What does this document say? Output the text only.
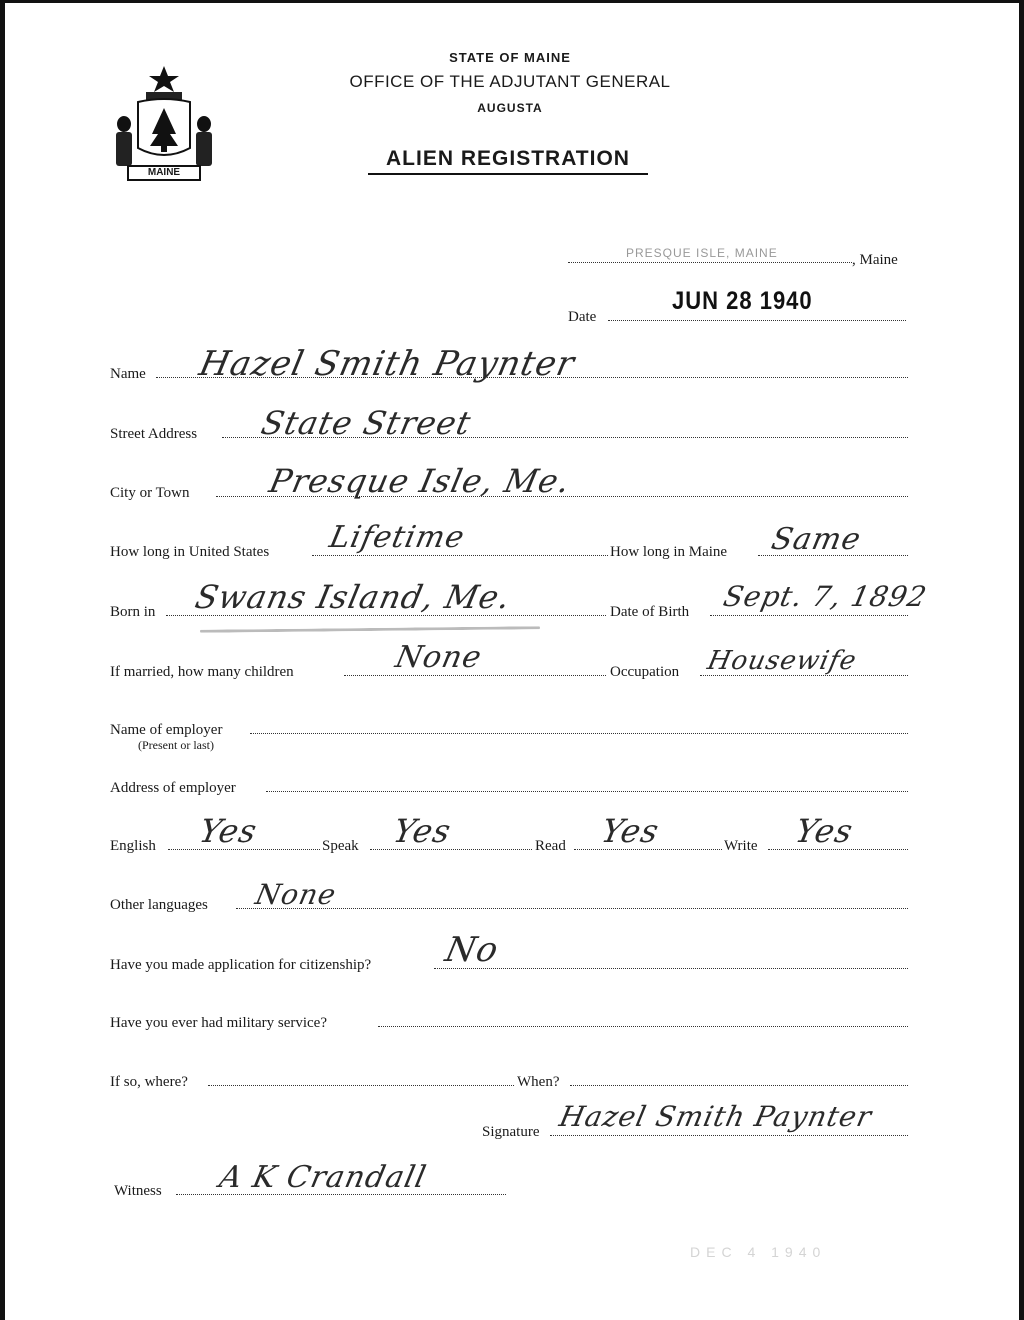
MAINE
STATE OF MAINE
OFFICE OF THE ADJUTANT GENERAL
AUGUSTA
ALIEN REGISTRATION
PRESQUE ISLE, MAINE	, Maine
Date
JUN 28 1940
Name Hazel Smith Paynter
Street Address State Street
City or Town Presque Isle, Me.
How long in United States Lifetime	How long in Maine Same
Born in Swans Island, Me.	Date of Birth Sept. 7, 1892
If married, how many children	None	Occupation Housewife
Name of employer
(Present or last)
Address of employer
English Yes	Speak Yes	Read Yes	Write Yes
Other languages None
Have you made application for citizenship? No
Have you ever had military service?
If so, where?	When?
Signature Hazel Smith Paynter
Witness A K Crandall
DEC 4 1940
